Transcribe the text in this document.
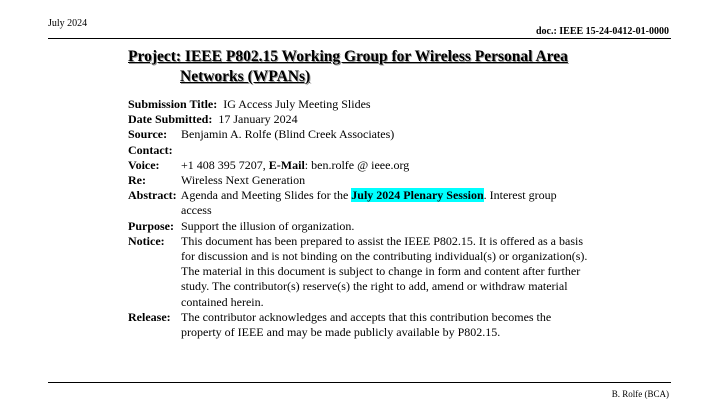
July 2024
doc.: IEEE 15-24-0412-01-0000
Project: IEEE P802.15 Working Group for Wireless Personal Area
Networks (WPANs)
Submission Title: IG Access July Meeting Slides
Date Submitted: 17 January 2024
Source:	Benjamin A. Rolfe (Blind Creek Associates)
Contact:
Voice:	+1 408 395 7207, E-Mail: ben.rolfe @ ieee.org
Re:	Wireless Next Generation
Abstract: Agenda and Meeting Slides for the July 2024 Plenary Session. Interest group
access
Purpose: Support the illusion of organization.
Notice:	This document has been prepared to assist the IEEE P802.15. It is offered as a basis
for discussion and is not binding on the contributing individual(s) or organization(s).
The material in this document is subject to change in form and content after further
study. The contributor(s) reserve(s) the right to add, amend or withdraw material
contained herein.
Release: The contributor acknowledges and accepts that this contribution becomes the
property of IEEE and may be made publicly available by P802.15.
B. Rolfe (BCA)
